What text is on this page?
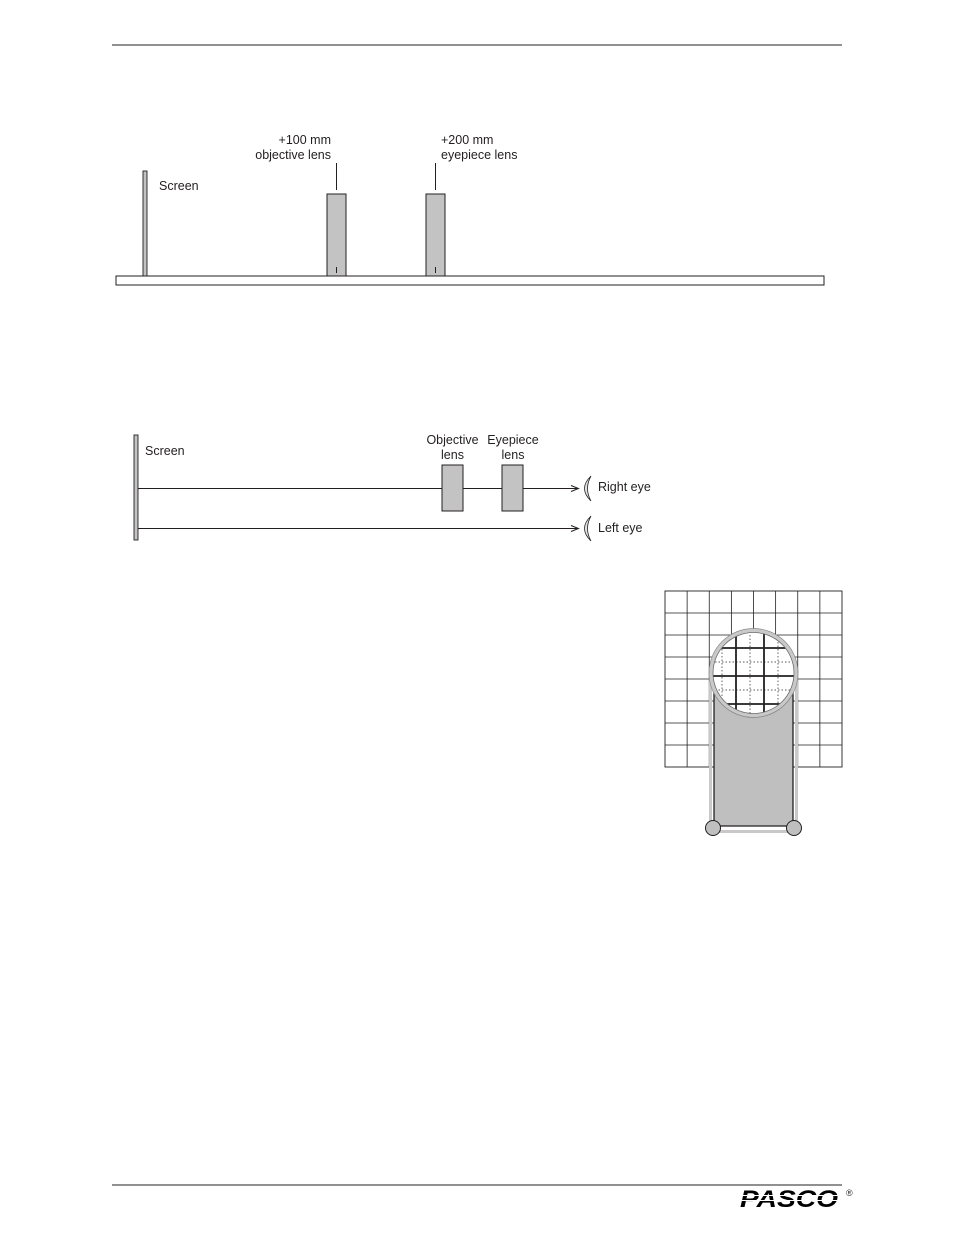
Screen
+100 mm
objective lens
+200 mm
eyepiece lens
Screen
Objective
lens
Eyepiece
lens
Right eye
Left eye
PASCO ®
